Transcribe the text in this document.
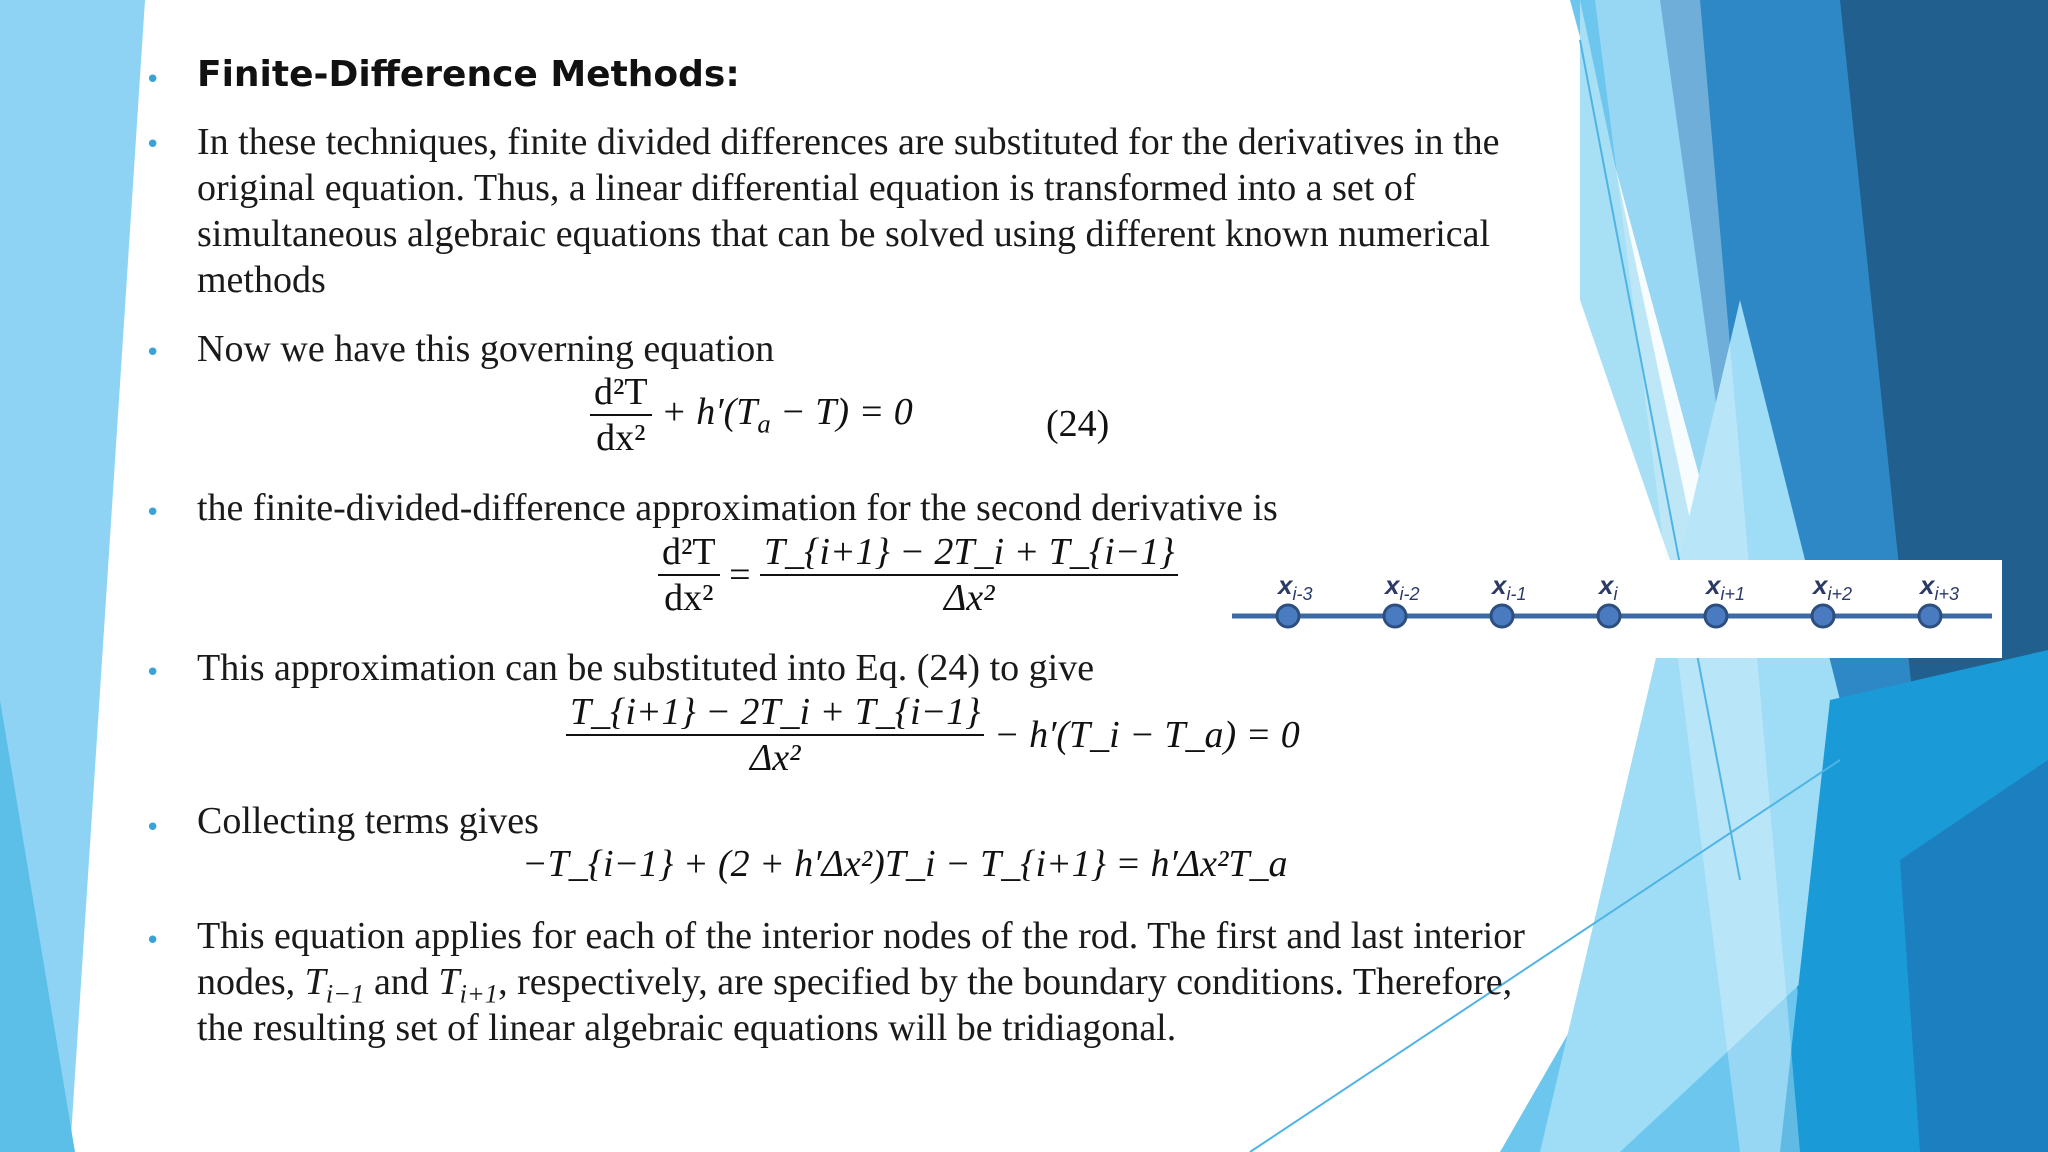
• Finite-Difference Methods:
• In these techniques, finite divided differences are substituted for the derivatives in the
original equation. Thus, a linear differential equation is transformed into a set of
simultaneous algebraic equations that can be solved using different known numerical
methods
• Now we have this governing equation
$\frac{\text{d²T}}{\text{dx²}} + h'(T_a - T) = 0$	(24)
• the finite-divided-difference approximation for the second derivative is
$\frac{\text{d²T}}{\text{dx²}} = \frac{T\_\{i+1\} - 2T\_i + T\_\{i-1\}}{\text{Δx²}}$
• This approximation can be substituted into Eq. (24) to give
$\frac{T\_\{i+1\} - 2T\_i + T\_\{i-1\}}{\text{Δx²}}$ − h′(T_i − T_a) = 0
• Collecting terms gives
−T_{i−1} + (2 + h′Δx²)T_i − T_{i+1} = h′Δx²T_a
• This equation applies for each of the interior nodes of the rod. The first and last interior
nodes, $T_{i-1}$ and $T_{i+1}$, respectively, are specified by the boundary conditions. Therefore,
the resulting set of linear algebraic equations will be tridiagonal.
$x_{i-3}$	$x_{i-2}$	$x_{i-1}$	$x_i$	$x_{i+1}$	$x_{i+2}$	$x_{i+3}$
